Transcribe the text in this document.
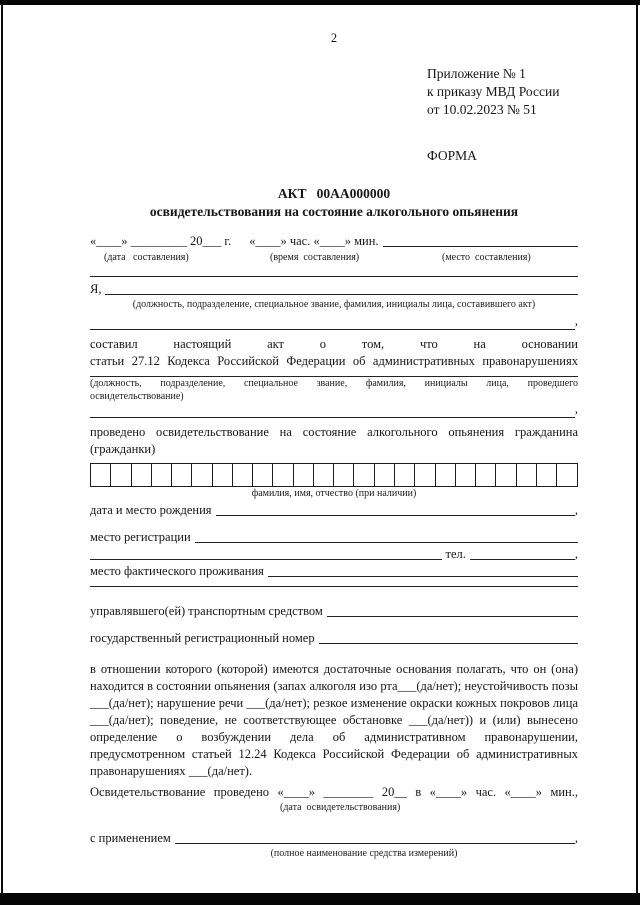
2
Приложение № 1
к приказу МВД России
от 10.02.2023 № 51
ФОРМА
АКТ   00АА000000
освидетельствования на состояние алкогольного опьянения
«____» _________ 20___ г.	«____» час. «____» мин.
(дата   составления)	(время  составления)	(место  составления)
Я,
(должность, подразделение, специальное звание, фамилия, инициалы лица, составившего акт)
,
составил настоящий акт о том, что на основании
статьи 27.12 Кодекса Российской Федерации об административных правонарушениях
(должность, подразделение, специальное звание, фамилия, инициалы лица, проведшего
освидетельствование)
,
проведено освидетельствование на состояние алкогольного опьянения гражданина
(гражданки)
фамилия, имя, отчество (при наличии)
дата и место рождения	,
место регистрации
тел.	,
место фактического проживания
управлявшего(ей) транспортным средством
государственный регистрационный номер
в отношении которого (которой) имеются достаточные основания полагать, что он (она) находится в состоянии опьянения (запах алкоголя изо рта___(да/нет); неустойчивость позы ___(да/нет); нарушение речи ___(да/нет); резкое изменение окраски кожных покровов лица ___(да/нет); поведение, не соответствующее обстановке ___(да/нет)) и (или) вынесено определение о возбуждении дела об административном правонарушении, предусмотренном статьей 12.24 Кодекса Российской Федерации об административных правонарушениях ___(да/нет).
Освидетельствование проведено «____» ________ 20__ в «____» час. «____» мин.,
(дата  освидетельствования)
с применением	,
(полное наименование средства измерений)
